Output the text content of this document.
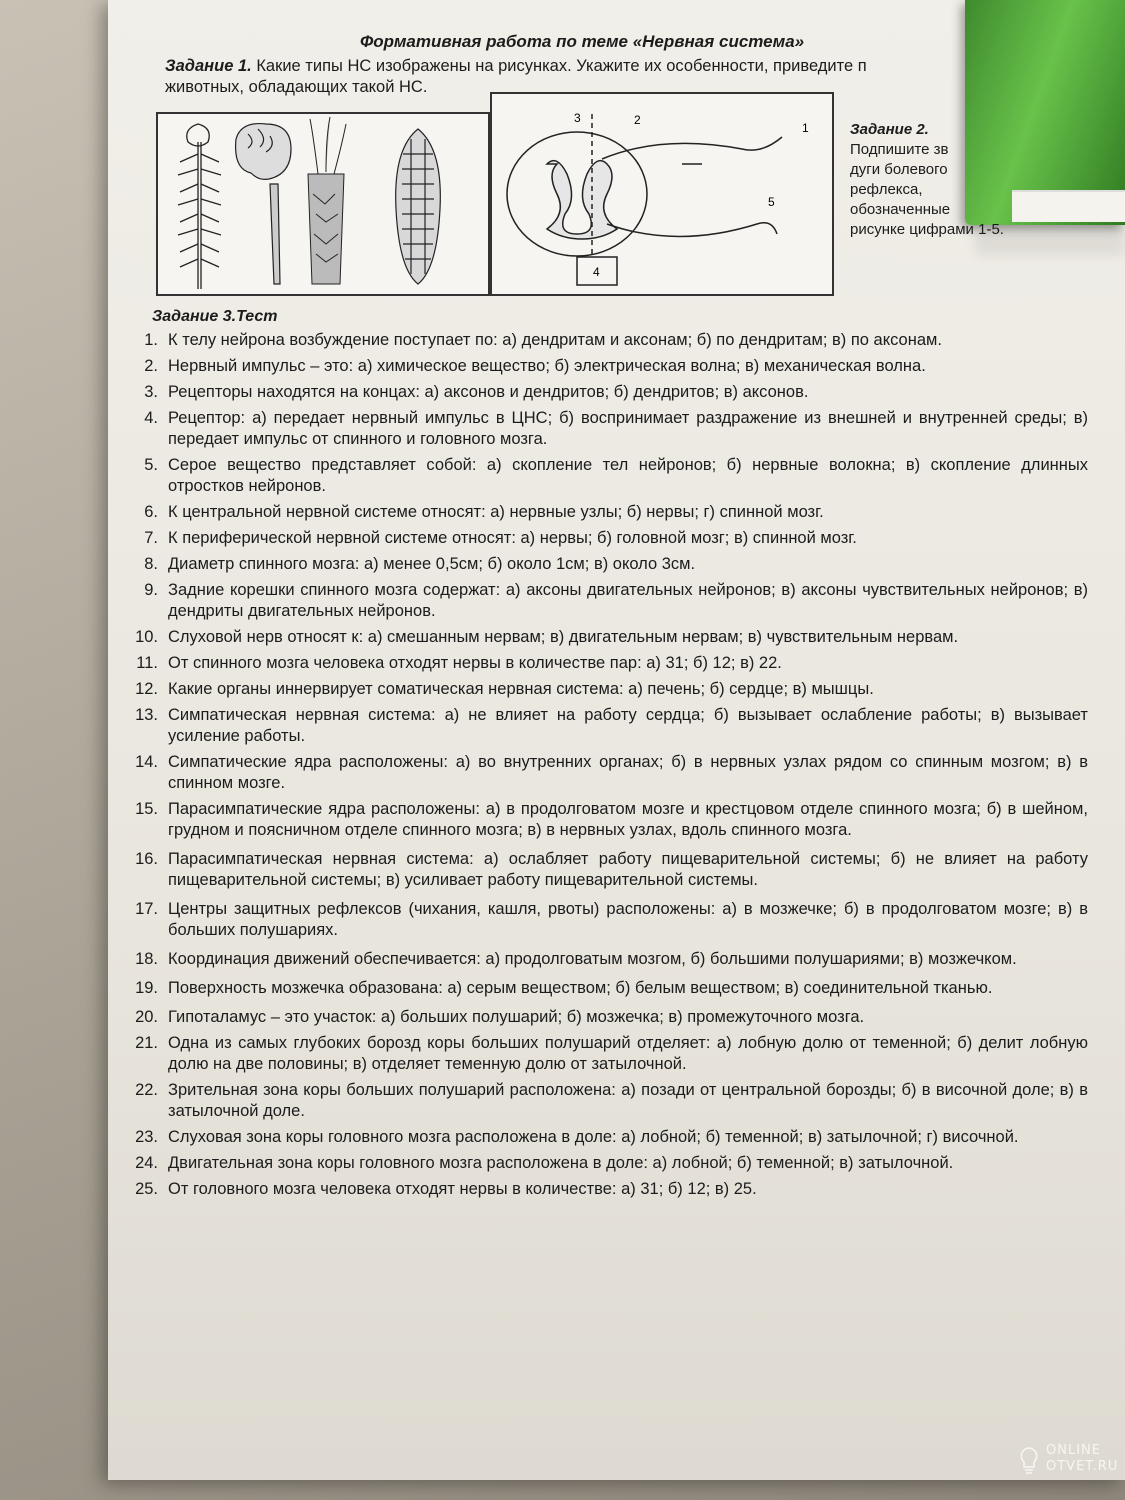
Формативная работа по теме «Нервная система»
Задание 1. Какие типы НС изображены на рисунках. Укажите их особенности, приведите п
животных, обладающих такой НС.
4
3	2
1
5
Задание 2.
Подпишите зв
дуги болевого
рефлекса,
обозначенные
рисунке цифрами 1-5.
Задание 3.Тест
1. К телу нейрона возбуждение поступает по: а) дендритам и аксонам; б) по дендритам; в) по аксонам.
2. Нервный импульс – это: а) химическое вещество; б) электрическая волна; в) механическая волна.
3. Рецепторы находятся на концах: а) аксонов и дендритов; б) дендритов; в) аксонов.
4. Рецептор: а) передает нервный импульс в ЦНС; б) воспринимает раздражение из внешней и внутренней среды; в) передает импульс от спинного и головного мозга.
5. Серое вещество представляет собой: а) скопление тел нейронов; б) нервные волокна; в) скопление длинных отростков нейронов.
6. К центральной нервной системе относят: а) нервные узлы; б) нервы; г) спинной мозг.
7. К периферической нервной системе относят: а) нервы; б) головной мозг; в) спинной мозг.
8. Диаметр спинного мозга: а) менее 0,5см; б) около 1см; в) около 3см.
9. Задние корешки спинного мозга содержат: а) аксоны двигательных нейронов; в) аксоны чувствительных нейронов; в) дендриты двигательных нейронов.
10. Слуховой нерв относят к: а) смешанным нервам; в) двигательным нервам; в) чувствительным нервам.
11. От спинного мозга человека отходят нервы в количестве пар: а) 31; б) 12; в) 22.
12. Какие органы иннервирует соматическая нервная система: а) печень; б) сердце; в) мышцы.
13. Симпатическая нервная система: а) не влияет на работу сердца; б) вызывает ослабление работы; в) вызывает усиление работы.
14. Симпатические ядра расположены: а) во внутренних органах; б) в нервных узлах рядом со спинным мозгом; в) в спинном мозге.
15. Парасимпатические ядра расположены: а) в продолговатом мозге и крестцовом отделе спинного мозга; б) в шейном, грудном и поясничном отделе спинного мозга; в) в нервных узлах, вдоль спинного мозга.
16. Парасимпатическая нервная система: а) ослабляет работу пищеварительной системы; б) не влияет на работу пищеварительной системы; в) усиливает работу пищеварительной системы.
17. Центры защитных рефлексов (чихания, кашля, рвоты) расположены: а) в мозжечке; б) в продолговатом мозге; в) в больших полушариях.
18. Координация движений обеспечивается: а) продолговатым мозгом, б) большими полушариями; в) мозжечком.
19. Поверхность мозжечка образована: а) серым веществом; б) белым веществом; в) соединительной тканью.
20. Гипоталамус – это участок: а) больших полушарий; б) мозжечка; в) промежуточного мозга.
21. Одна из самых глубоких борозд коры больших полушарий отделяет: а) лобную долю от теменной; б) делит лобную долю на две половины; в) отделяет теменную долю от затылочной.
22. Зрительная зона коры больших полушарий расположена: а) позади от центральной борозды; б) в височной доле; в) в затылочной доле.
23. Слуховая зона коры головного мозга расположена в доле: а) лобной; б) теменной; в) затылочной; г) височной.
24. Двигательная зона коры головного мозга расположена в доле: а) лобной; б) теменной; в) затылочной.
25. От головного мозга человека отходят нервы в количестве: а) 31; б) 12; в) 25.
ONLINE
OTVET.RU
